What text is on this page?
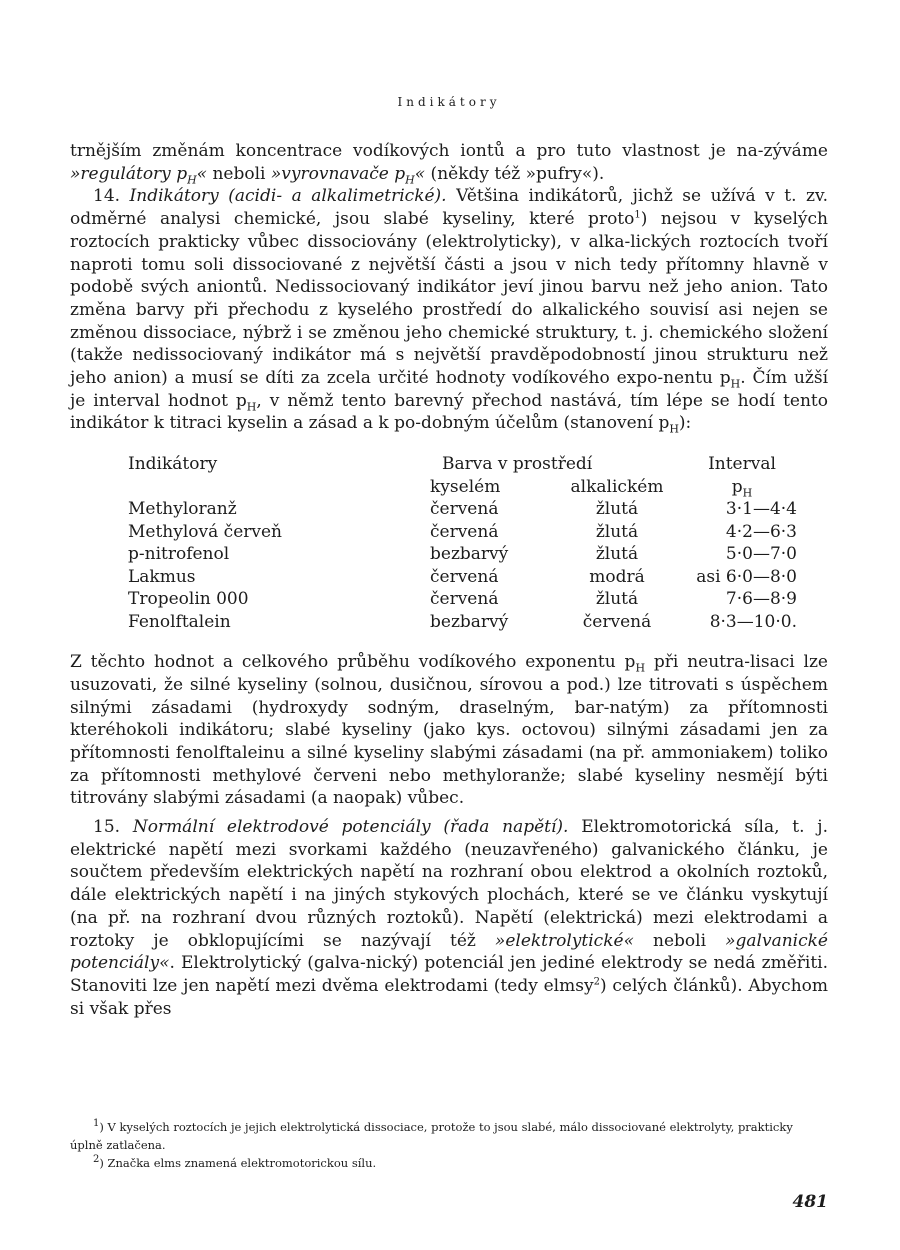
Indikátory

trnějším změnám koncentrace vodíkových iontů a pro tuto vlastnost je na-zýváme »regulátory $p_H«$ neboli »vyrovnavače $p_H«$ (někdy též »pufry«).

14. Indikátory (acidi- a alkalimetrické). Většina indikátorů, jichž se užívá v t. zv. odměrné analysi chemické, jsou slabé kyseliny, které proto$^1$) nejsou v kyselých roztocích prakticky vůbec dissociovány (elektrolyticky), v alka-lických roztocích tvoří naproti tomu soli dissociované z největší části a jsou v nich tedy přítomny hlavně v podobě svých aniontů. Nedissociovaný indikátor jeví jinou barvu než jeho anion. Tato změna barvy při přechodu z kyselého prostředí do alkalického souvisí asi nejen se změnou dissociace, nýbrž i se změnou jeho chemické struktury, t. j. chemického složení (takže nedissociovaný indikátor má s největší pravděpodobností jinou strukturu než jeho anion) a musí se díti za zcela určité hodnoty vodíkového expo-nentu $p_H$. Čím užší je interval hodnot $p_H$, v němž tento barevný přechod nastává, tím lépe se hodí tento indikátor k titraci kyselin a zásad a k po-dobným účelům (stanovení $p_H$):

Indikátory	Barva v prostředí		Interval
	kyselém	alkalickém	$p_H$
Methyloranž	červená	žlutá	3·1—4·4
Methylová červeň	červená	žlutá	4·2—6·3
p-nitrofenol	bezbarvý	žlutá	5·0—7·0
Lakmus	červená	modrá	asi 6·0—8·0
Tropeolin 000	červená	žlutá	7·6—8·9
Fenolftalein	bezbarvý	červená	8·3—10·0.

Z těchto hodnot a celkového průběhu vodíkového exponentu $p_H$ při neutra-lisaci lze usuzovati, že silné kyseliny (solnou, dusičnou, sírovou a pod.) lze titrovati s úspěchem silnými zásadami (hydroxydy sodným, draselným, bar-natým) za přítomnosti kteréhokoli indikátoru; slabé kyseliny (jako kys. octovou) silnými zásadami jen za přítomnosti fenolftaleinu a silné kyseliny slabými zásadami (na př. ammoniakem) toliko za přítomnosti methylové červeni nebo methyloranže; slabé kyseliny nesmějí býti titrovány slabými zásadami (a naopak) vůbec.

15. Normální elektrodové potenciály (řada napětí). Elektromotorická síla, t. j. elektrické napětí mezi svorkami každého (neuzavřeného) galvanického článku, je součtem především elektrických napětí na rozhraní obou elektrod a okolních roztoků, dále elektrických napětí i na jiných stykových plochách, které se ve článku vyskytují (na př. na rozhraní dvou různých roztoků). Napětí (elektrická) mezi elektrodami a roztoky je obklopujícími se nazývají též »elektrolytické« neboli »galvanické potenciály«. Elektrolytický (galva-nický) potenciál jen jediné elektrody se nedá změřiti. Stanoviti lze jen napětí mezi dvěma elektrodami (tedy elmsy$^2$) celých článků). Abychom si však přes

1) V kyselých roztocích je jejich elektrolytická dissociace, protože to jsou slabé, málo dissociované elektrolyty, prakticky úplně zatlačena.

2) Značka elms znamená elektromotorickou sílu.

481
